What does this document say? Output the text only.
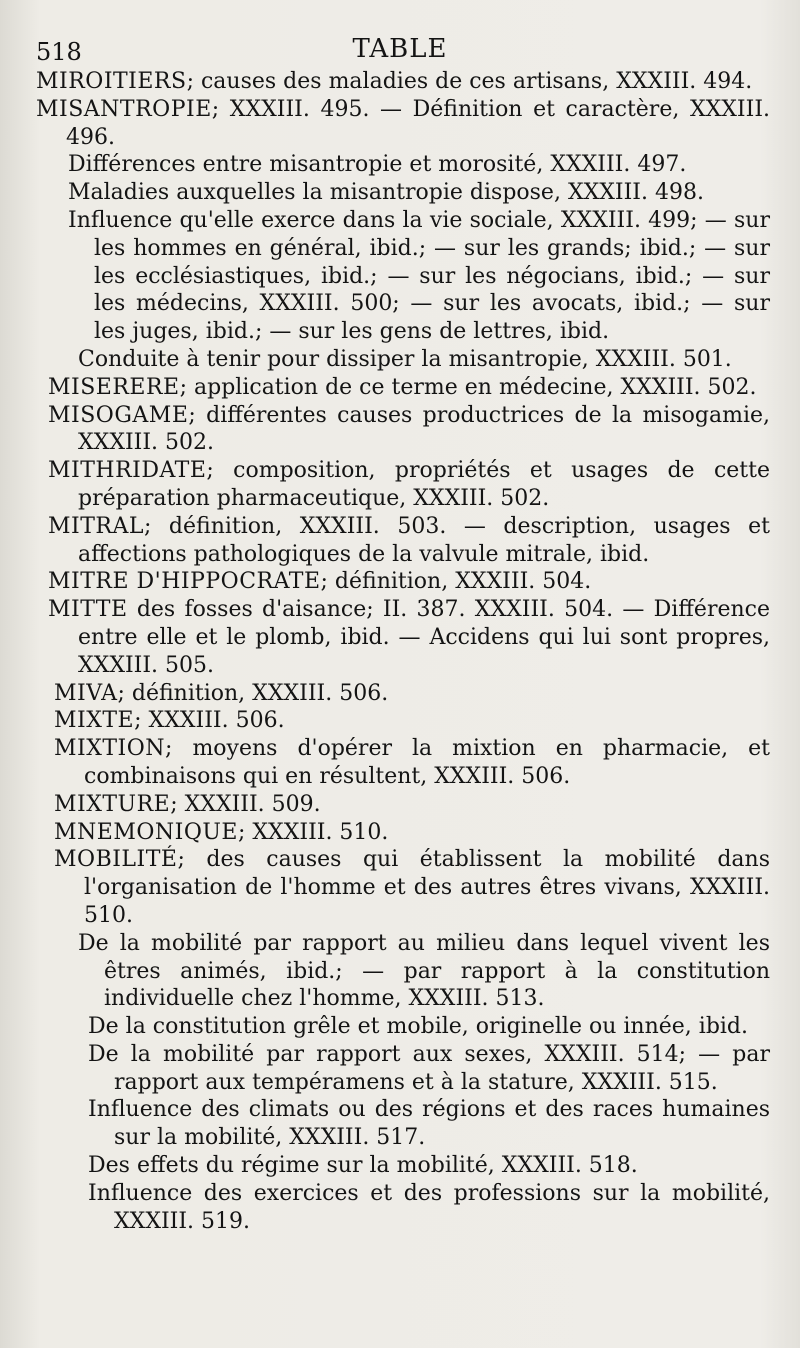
518	TABLE

MIROITIERS; causes des maladies de ces artisans, XXXIII. 494.

MISANTROPIE; XXXIII. 495. — Définition et caractère, XXXIII. 496.

Différences entre misantropie et morosité, XXXIII. 497.

Maladies auxquelles la misantropie dispose, XXXIII. 498.

Influence qu'elle exerce dans la vie sociale, XXXIII. 499; — sur les hommes en général, ibid.; — sur les grands; ibid.; — sur les ecclésiastiques, ibid.; — sur les négocians, ibid.; — sur les médecins, XXXIII. 500; — sur les avocats, ibid.; — sur les juges, ibid.; — sur les gens de lettres, ibid.

Conduite à tenir pour dissiper la misantropie, XXXIII. 501.

MISERERE; application de ce terme en médecine, XXXIII. 502.

MISOGAME; différentes causes productrices de la misogamie, XXXIII. 502.

MITHRIDATE; composition, propriétés et usages de cette préparation pharmaceutique, XXXIII. 502.

MITRAL; définition, XXXIII. 503. — description, usages et affections pathologiques de la valvule mitrale, ibid.

MITRE D'HIPPOCRATE; définition, XXXIII. 504.

MITTE des fosses d'aisance; II. 387. XXXIII. 504. — Différence entre elle et le plomb, ibid. — Accidens qui lui sont propres, XXXIII. 505.

MIVA; définition, XXXIII. 506.

MIXTE; XXXIII. 506.

MIXTION; moyens d'opérer la mixtion en pharmacie, et combinaisons qui en résultent, XXXIII. 506.

MIXTURE; XXXIII. 509.

MNEMONIQUE; XXXIII. 510.

MOBILITÉ; des causes qui établissent la mobilité dans l'organisation de l'homme et des autres êtres vivans, XXXIII. 510.

De la mobilité par rapport au milieu dans lequel vivent les êtres animés, ibid.; — par rapport à la constitution individuelle chez l'homme, XXXIII. 513.

De la constitution grêle et mobile, originelle ou innée, ibid.

De la mobilité par rapport aux sexes, XXXIII. 514; — par rapport aux tempéramens et à la stature, XXXIII. 515.

Influence des climats ou des régions et des races humaines sur la mobilité, XXXIII. 517.

Des effets du régime sur la mobilité, XXXIII. 518.

Influence des exercices et des professions sur la mobilité, XXXIII. 519.
